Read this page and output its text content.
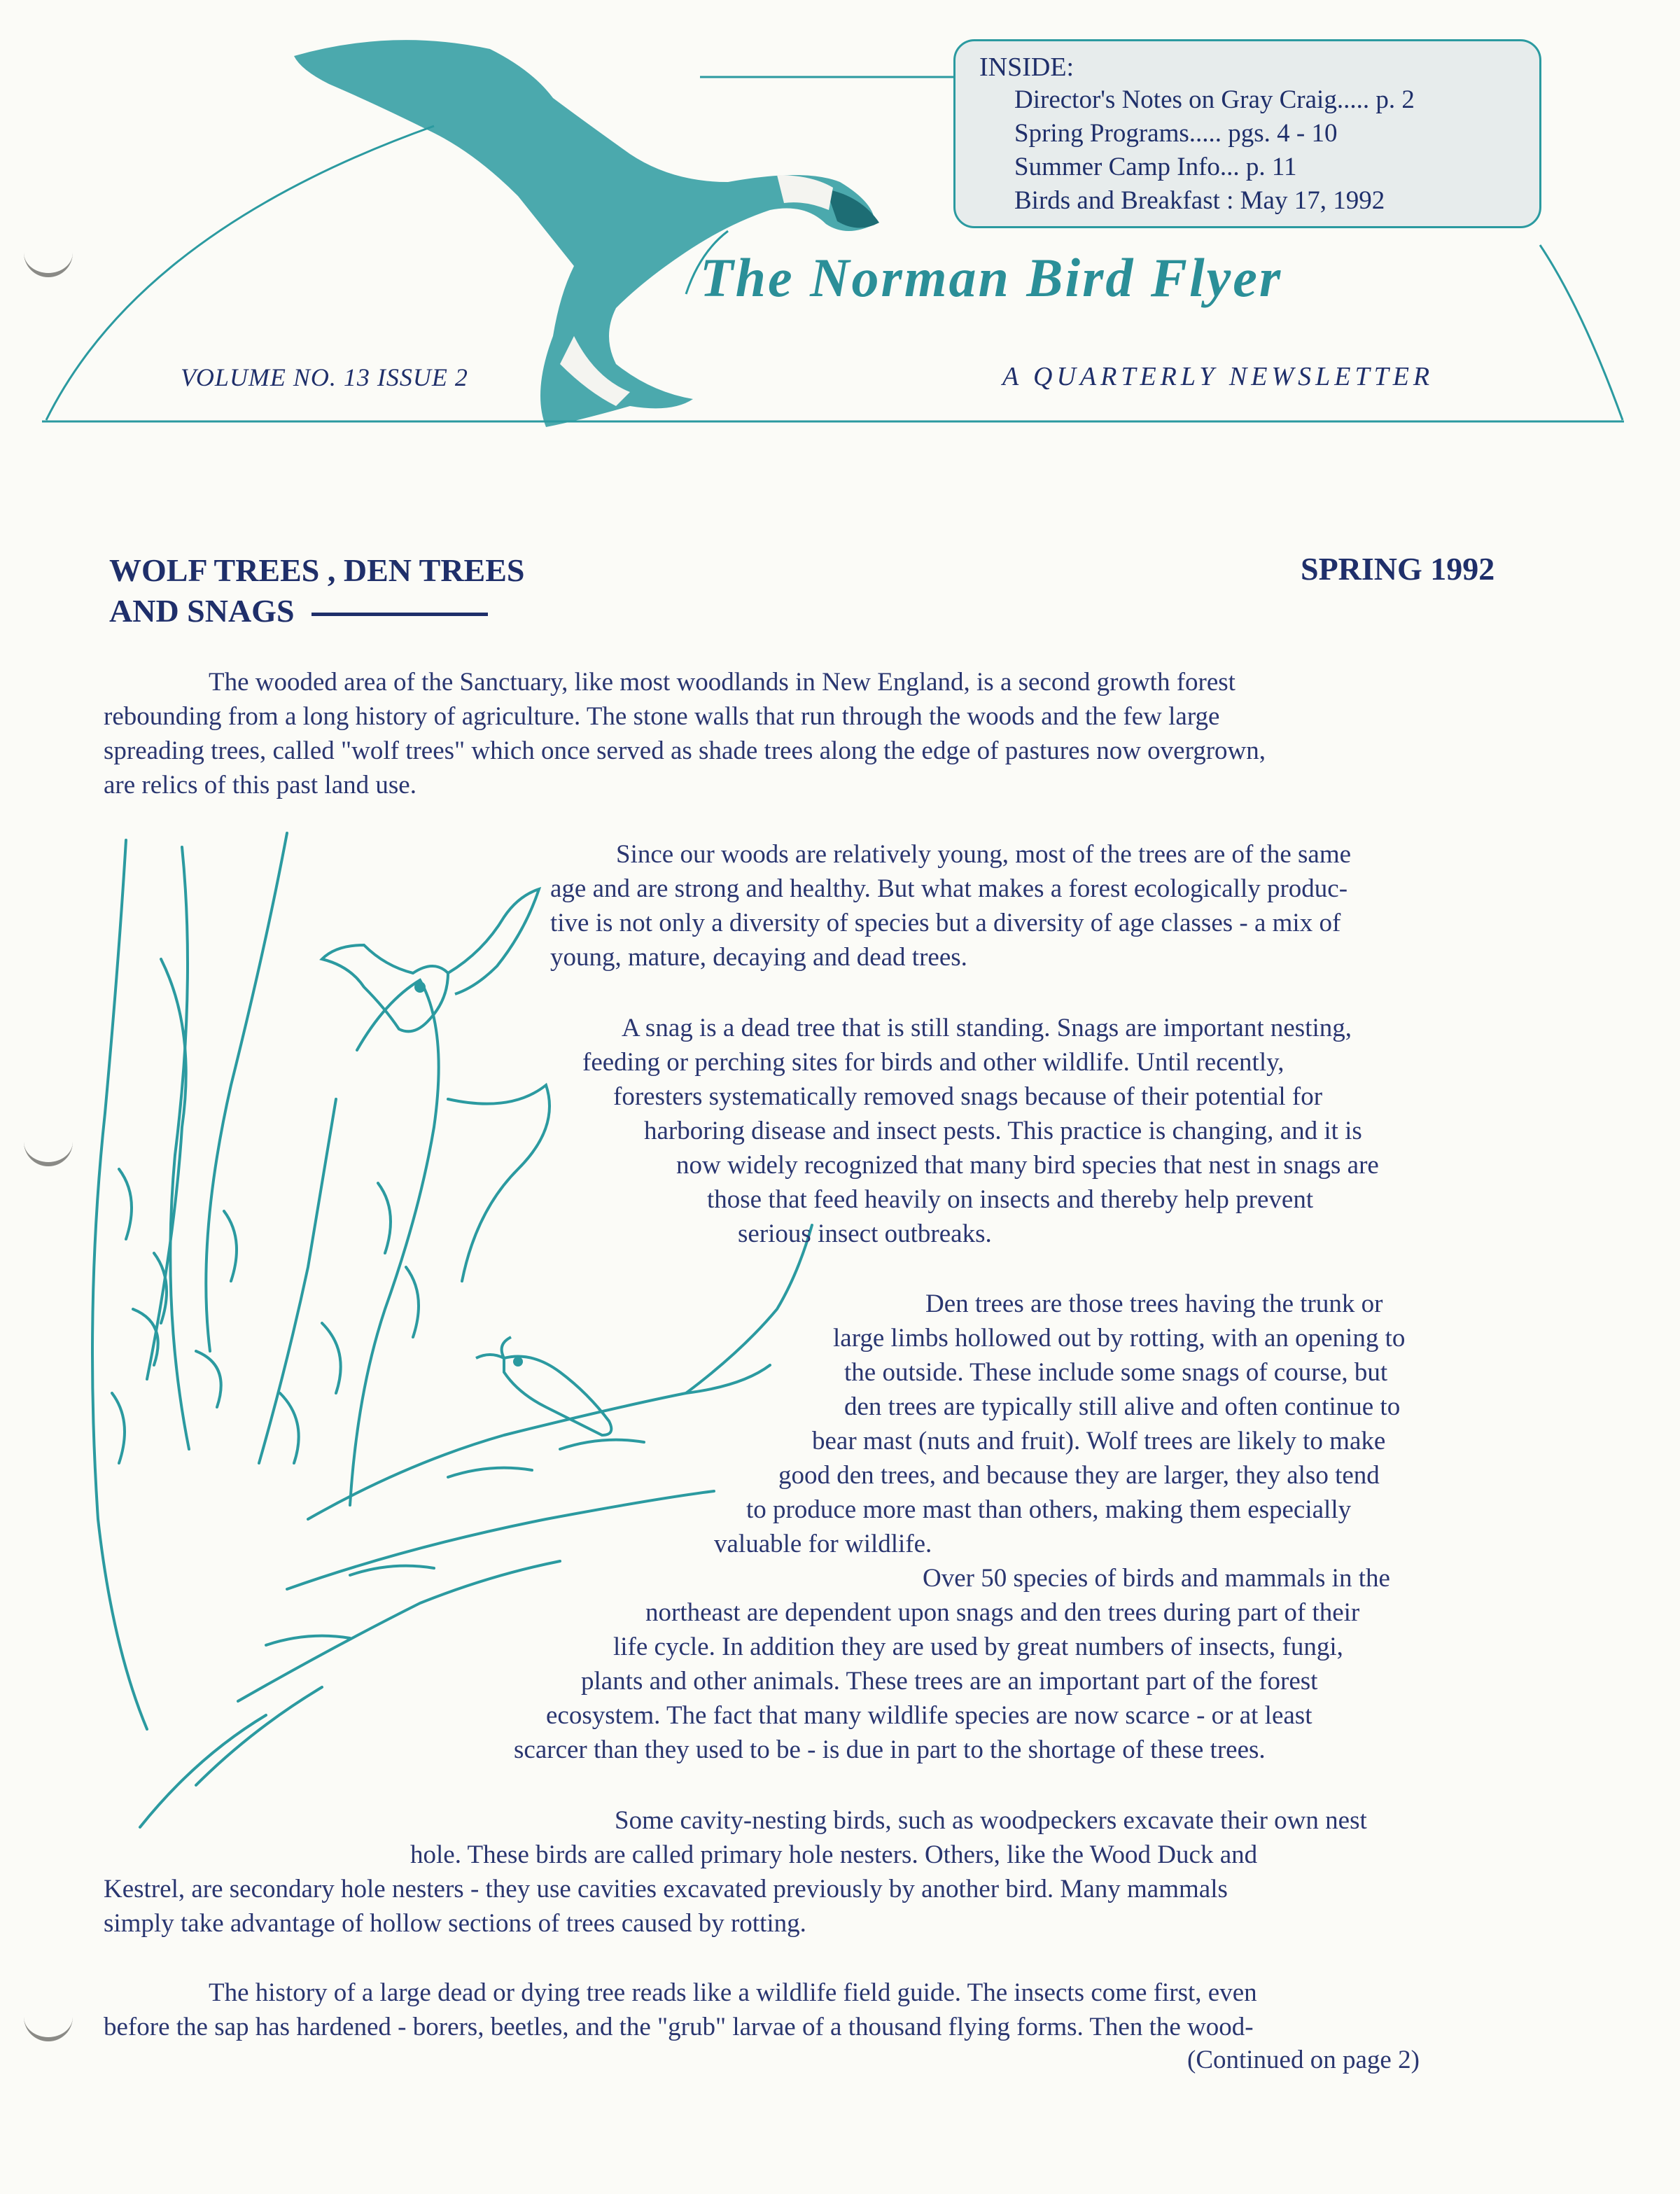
INSIDE:
Director's Notes on Gray Craig..... p. 2
Spring Programs..... pgs. 4 - 10
Summer Camp Info... p. 11
Birds and Breakfast : May 17, 1992
The Norman Bird Flyer
VOLUME NO. 13 ISSUE 2	A QUARTERLY NEWSLETTER
WOLF TREES , DEN TREES
AND SNAGS
SPRING 1992
The wooded area of the Sanctuary, like most woodlands in New England, is a second growth forest
rebounding from a long history of agriculture. The stone walls that run through the woods and the few large
spreading trees, called "wolf trees" which once served as shade trees along the edge of pastures now overgrown,
are relics of this past land use.
Since our woods are relatively young, most of the trees are of the same
age and are strong and healthy. But what makes a forest ecologically produc-
tive is not only a diversity of species but a diversity of age classes - a mix of
young, mature, decaying and dead trees.
A snag is a dead tree that is still standing. Snags are important nesting,
feeding or perching sites for birds and other wildlife. Until recently,
foresters systematically removed snags because of their potential for
harboring disease and insect pests. This practice is changing, and it is
now widely recognized that many bird species that nest in snags are
those that feed heavily on insects and thereby help prevent
serious insect outbreaks.
Den trees are those trees having the trunk or
large limbs hollowed out by rotting, with an opening to
the outside. These include some snags of course, but
den trees are typically still alive and often continue to
bear mast (nuts and fruit). Wolf trees are likely to make
good den trees, and because they are larger, they also tend
to produce more mast than others, making them especially
valuable for wildlife.
Over 50 species of birds and mammals in the
northeast are dependent upon snags and den trees during part of their
life cycle. In addition they are used by great numbers of insects, fungi,
plants and other animals. These trees are an important part of the forest
ecosystem. The fact that many wildlife species are now scarce - or at least
scarcer than they used to be - is due in part to the shortage of these trees.
Some cavity-nesting birds, such as woodpeckers excavate their own nest
hole. These birds are called primary hole nesters. Others, like the Wood Duck and
Kestrel, are secondary hole nesters - they use cavities excavated previously by another bird. Many mammals
simply take advantage of hollow sections of trees caused by rotting.
The history of a large dead or dying tree reads like a wildlife field guide. The insects come first, even
before the sap has hardened - borers, beetles, and the "grub" larvae of a thousand flying forms. Then the wood-
(Continued on page 2)
